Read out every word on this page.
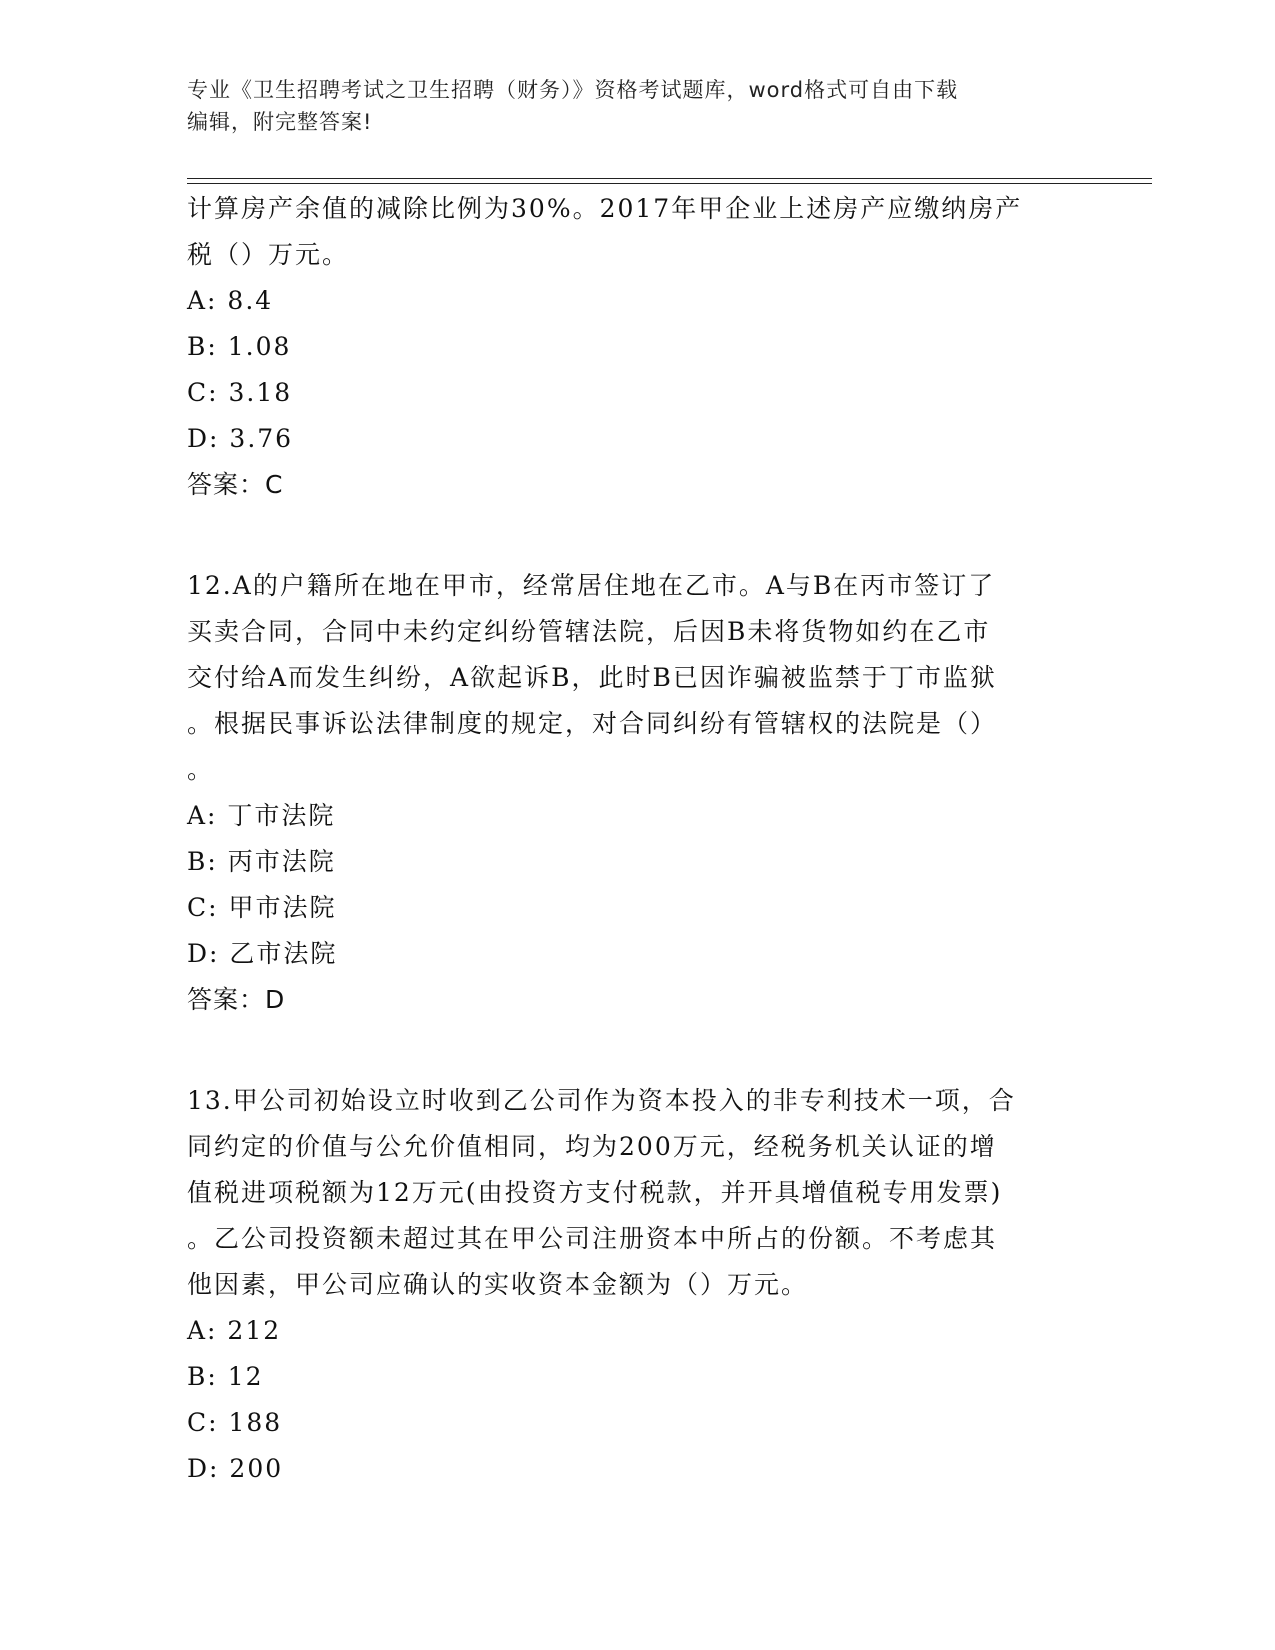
专业《卫生招聘考试之卫生招聘（财务）》资格考试题库，word格式可自由下载
编辑，附完整答案!
计算房产余值的减除比例为30%。2017年甲企业上述房产应缴纳房产
税（）万元。
A: 8.4
B: 1.08
C: 3.18
D: 3.76
答案：C
12.A的户籍所在地在甲市，经常居住地在乙市。A与B在丙市签订了
买卖合同，合同中未约定纠纷管辖法院，后因B未将货物如约在乙市
交付给A而发生纠纷，A欲起诉B，此时B已因诈骗被监禁于丁市监狱
。根据民事诉讼法律制度的规定，对合同纠纷有管辖权的法院是（）
。
A: 丁市法院
B: 丙市法院
C: 甲市法院
D: 乙市法院
答案：D
13.甲公司初始设立时收到乙公司作为资本投入的非专利技术一项，合
同约定的价值与公允价值相同，均为200万元，经税务机关认证的增
值税进项税额为12万元(由投资方支付税款，并开具增值税专用发票)
。乙公司投资额未超过其在甲公司注册资本中所占的份额。不考虑其
他因素，甲公司应确认的实收资本金额为（）万元。
A: 212
B: 12
C: 188
D: 200
